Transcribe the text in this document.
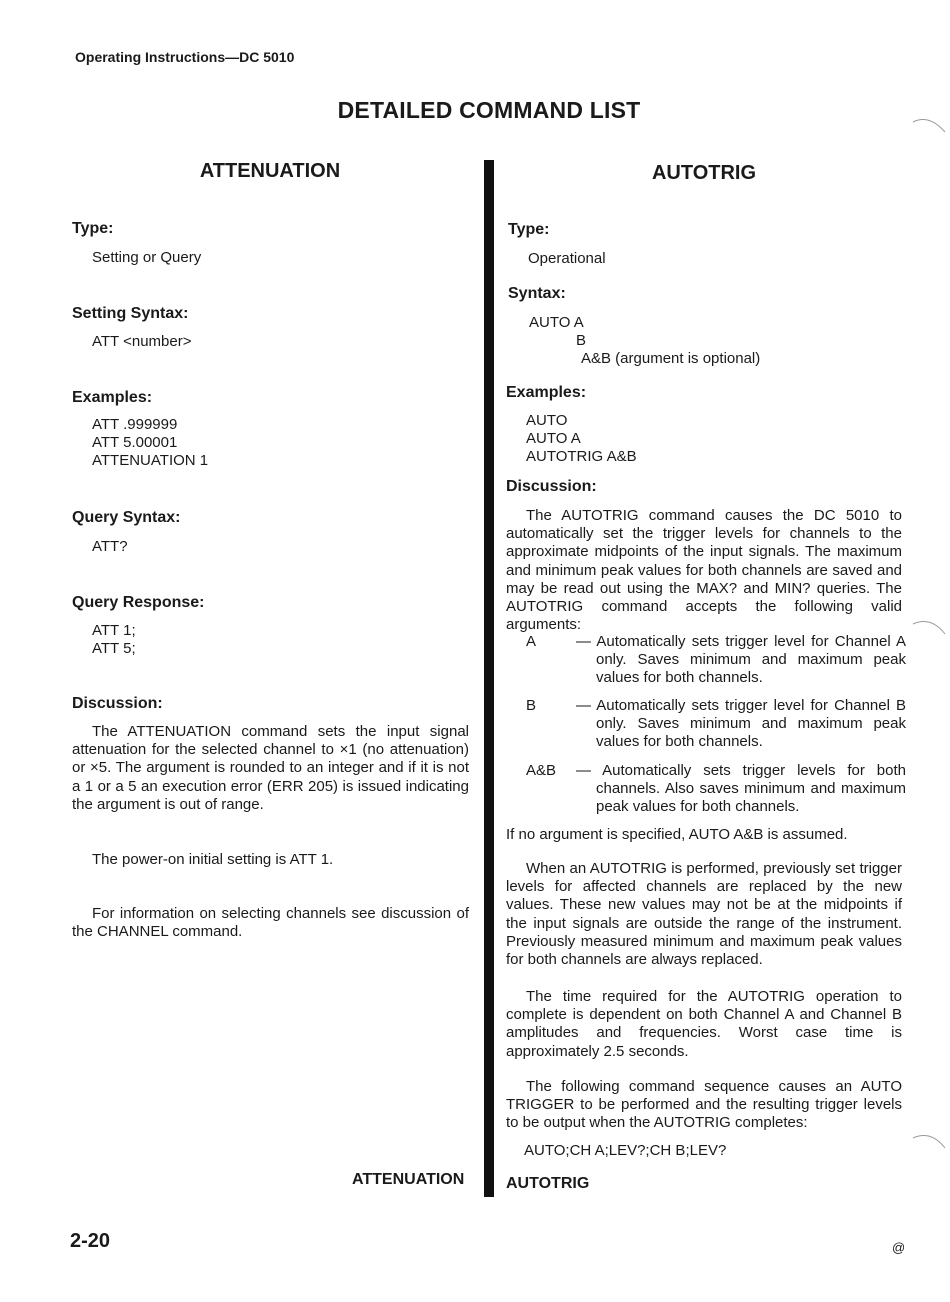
Operating Instructions—DC 5010
DETAILED COMMAND LIST
ATTENUATION
Type:
Setting or Query
Setting Syntax:
ATT <number>
Examples:
ATT .999999
ATT 5.00001
ATTENUATION 1
Query Syntax:
ATT?
Query Response:
ATT 1;
ATT 5;
Discussion:
The ATTENUATION command sets the input signal attenuation for the selected channel to ×1 (no attenuation) or ×5. The argument is rounded to an integer and if it is not a 1 or a 5 an execution error (ERR 205) is issued indicating the argument is out of range.
The power-on initial setting is ATT 1.
For information on selecting channels see discussion of the CHANNEL command.
ATTENUATION
AUTOTRIG
Type:
Operational
Syntax:
AUTO A
B
A&B (argument is optional)
Examples:
AUTO
AUTO A
AUTOTRIG A&B
Discussion:
The AUTOTRIG command causes the DC 5010 to automatically set the trigger levels for channels to the approximate midpoints of the input signals. The maximum and minimum peak values for both channels are saved and may be read out using the MAX? and MIN? queries. The AUTOTRIG command accepts the following valid arguments:
A	— Automatically sets trigger level for Channel A only. Saves minimum and maximum peak values for both channels.
B	— Automatically sets trigger level for Channel B only. Saves minimum and maximum peak values for both channels.
A&B — Automatically sets trigger levels for both channels. Also saves minimum and maximum peak values for both channels.
If no argument is specified, AUTO A&B is assumed.
When an AUTOTRIG is performed, previously set trigger levels for affected channels are replaced by the new values. These new values may not be at the midpoints if the input signals are outside the range of the instrument. Previously measured minimum and maximum peak values for both channels are always replaced.
The time required for the AUTOTRIG operation to complete is dependent on both Channel A and Channel B amplitudes and frequencies. Worst case time is approximately 2.5 seconds.
The following command sequence causes an AUTO TRIGGER to be performed and the resulting trigger levels to be output when the AUTOTRIG completes:
AUTO;CH A;LEV?;CH B;LEV?
AUTOTRIG
2-20	@
